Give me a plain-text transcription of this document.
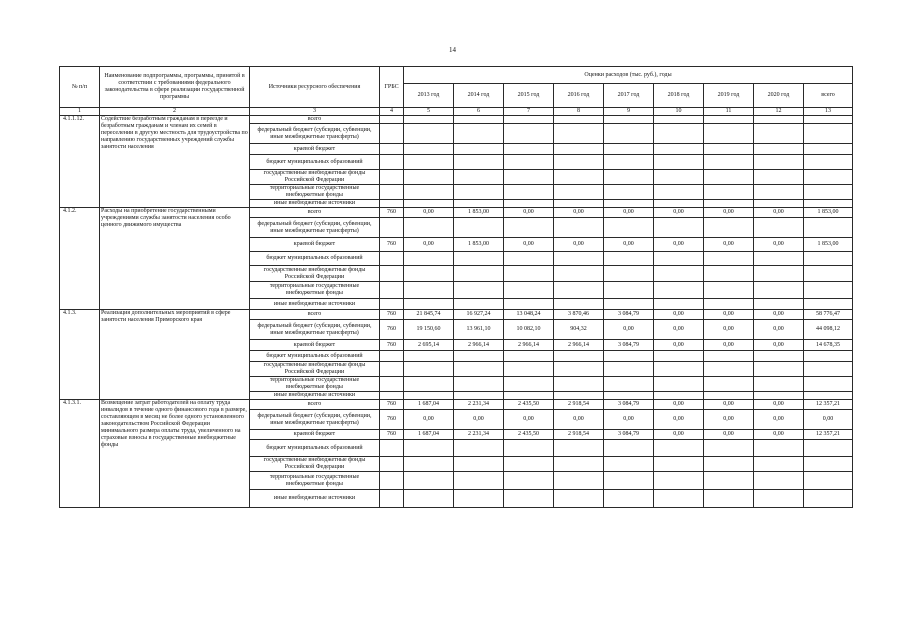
14
№ п/п	Наименование подпрограммы, программы, принятой в соответствии с требованиями федерального законодательства в сфере реализации государственной программы	Источники ресурсного обеспечения	ГРБС	Оценки расходов (тыс. руб.), годы								
				2013 год	2014 год	2015 год	2016 год	2017 год	2018 год	2019 год	2020 год	всего
1	2	3	4	5	6	7	8	9	10	11	12	13
4.1.1.12.	Содействие безработным гражданам в переезде и безработным гражданам и членам их семей в переселении в другую местность для трудоустройства по направлению государственных учреждений службы занятости населения	всего										
		федеральный бюджет (субсидии, субвенции, иные межбюджетные трансферты)										
		краевой бюджет										
		бюджет муниципальных образований										
		государственные внебюджетные фонды Российской Федерации										
		территориальные государственные внебюджетные фонды										
		иные внебюджетные источники										
4.1.2.	Расходы на приобретение государственными учреждениями службы занятости населения особо ценного движимого имущества	всего	760	0,00	1 853,00	0,00	0,00	0,00	0,00	0,00	0,00	1 853,00
		федеральный бюджет (субсидии, субвенции, иные межбюджетные трансферты)										
		краевой бюджет	760	0,00	1 853,00	0,00	0,00	0,00	0,00	0,00	0,00	1 853,00
		бюджет муниципальных образований										
		государственные внебюджетные фонды Российской Федерации										
		территориальные государственные внебюджетные фонды										
		иные внебюджетные источники										
4.1.3.	Реализация дополнительных мероприятий в сфере занятости населения Приморского края	всего	760	21 845,74	16 927,24	13 048,24	3 870,46	3 084,79	0,00	0,00	0,00	58 776,47
		федеральный бюджет (субсидии, субвенции, иные межбюджетные трансферты)	760	19 150,60	13 961,10	10 082,10	904,32	0,00	0,00	0,00	0,00	44 098,12
		краевой бюджет	760	2 695,14	2 966,14	2 966,14	2 966,14	3 084,79	0,00	0,00	0,00	14 678,35
		бюджет муниципальных образований										
		государственные внебюджетные фонды Российской Федерации										
		территориальные государственные внебюджетные фонды										
		иные внебюджетные источники										
4.1.3.1.	Возмещение затрат работодателей на оплату труда инвалидов в течение одного финансового года в размере, составляющем в месяц не более одного установленного законодательством Российской Федерации минимального размера оплаты труда, увеличенного на страховые взносы в государственные внебюджетные фонды	всего	760	1 687,04	2 231,34	2 435,50	2 918,54	3 084,79	0,00	0,00	0,00	12 357,21
		федеральный бюджет (субсидии, субвенции, иные межбюджетные трансферты)	760	0,00	0,00	0,00	0,00	0,00	0,00	0,00	0,00	0,00
		краевой бюджет	760	1 687,04	2 231,34	2 435,50	2 918,54	3 084,79	0,00	0,00	0,00	12 357,21
		бюджет муниципальных образований										
		государственные внебюджетные фонды Российской Федерации										
		территориальные государственные внебюджетные фонды										
		иные внебюджетные источники										
